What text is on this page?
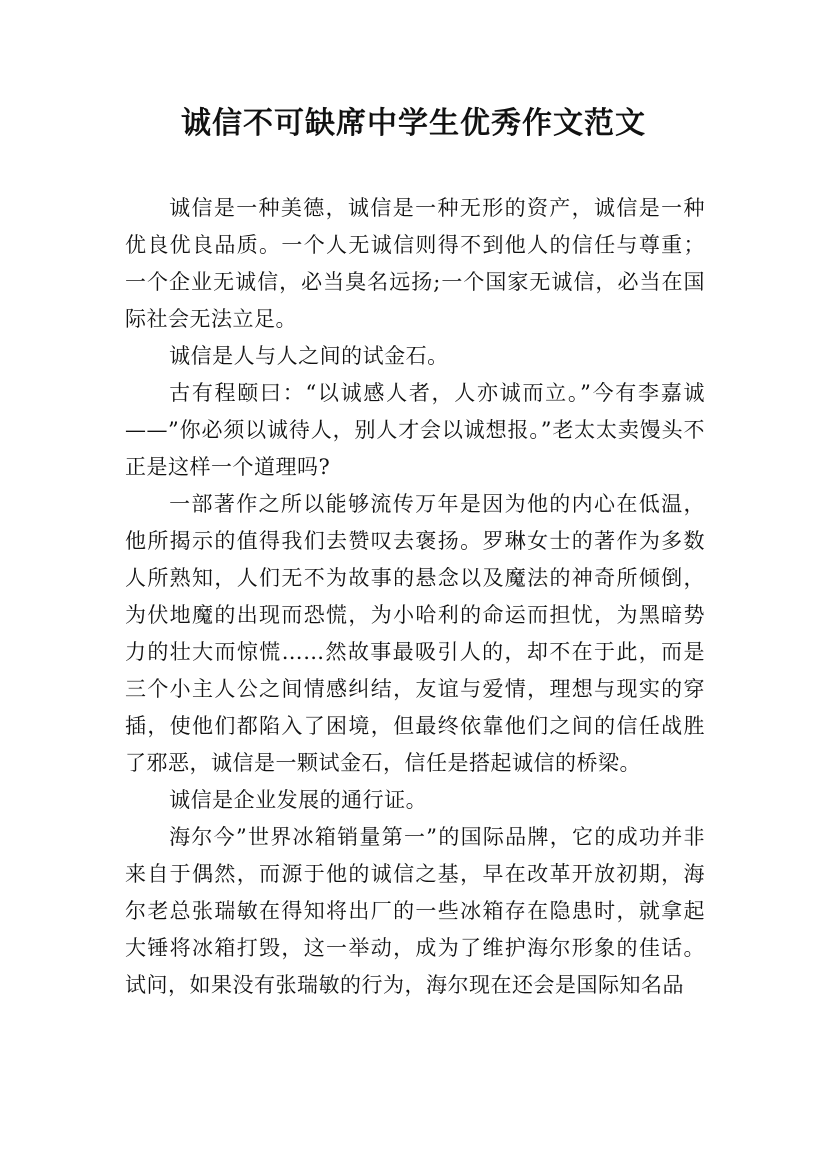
诚信不可缺席中学生优秀作文范文

诚信是一种美德，诚信是一种无形的资产，诚信是一种优良优良品质。一个人无诚信则得不到他人的信任与尊重；一个企业无诚信，必当臭名远扬;一个国家无诚信，必当在国际社会无法立足。

诚信是人与人之间的试金石。

古有程颐曰：“以诚感人者，人亦诚而立。”今有李嘉诚——”你必须以诚待人，别人才会以诚想报。”老太太卖馒头不正是这样一个道理吗?

一部著作之所以能够流传万年是因为他的内心在低温，他所揭示的值得我们去赞叹去褒扬。罗琳女士的著作为多数人所熟知，人们无不为故事的悬念以及魔法的神奇所倾倒，为伏地魔的出现而恐慌，为小哈利的命运而担忧，为黑暗势力的壮大而惊慌……然故事最吸引人的，却不在于此，而是三个小主人公之间情感纠结，友谊与爱情，理想与现实的穿插，使他们都陷入了困境，但最终依靠他们之间的信任战胜了邪恶，诚信是一颗试金石，信任是搭起诚信的桥梁。

诚信是企业发展的通行证。

海尔今”世界冰箱销量第一”的国际品牌，它的成功并非来自于偶然，而源于他的诚信之基，早在改革开放初期，海尔老总张瑞敏在得知将出厂的一些冰箱存在隐患时，就拿起大锤将冰箱打毁，这一举动，成为了维护海尔形象的佳话。试问，如果没有张瑞敏的行为，海尔现在还会是国际知名品
